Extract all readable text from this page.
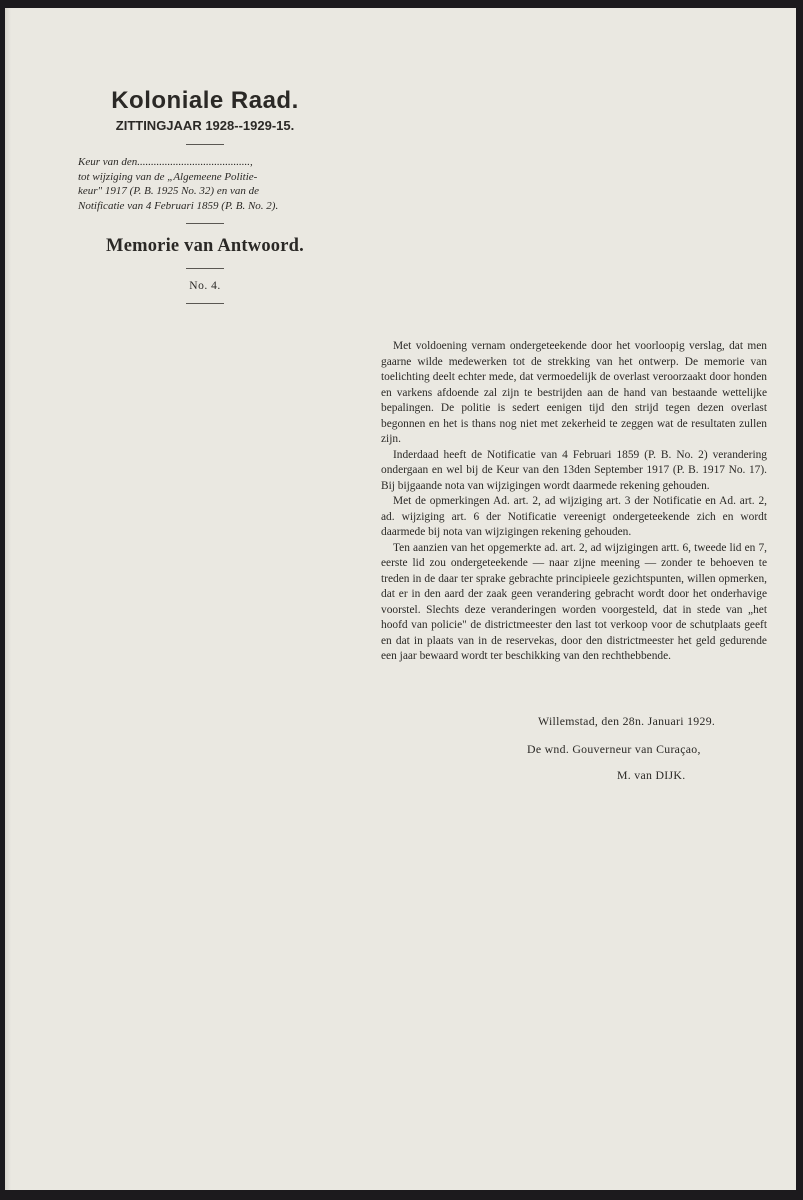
Koloniale Raad.

ZITTINGJAAR 1928--1929-15.

Keur van den.........................................,
tot wijziging van de „Algemeene Politie-
keur" 1917 (P. B. 1925 No. 32) en van de
Notificatie van 4 Februari 1859 (P. B. No. 2).

Memorie van Antwoord.

No. 4.

Met voldoening vernam ondergeteekende door het voorloopig verslag, dat men gaarne wilde medewerken tot de strekking van het ontwerp. De memorie van toelichting deelt echter mede, dat vermoedelijk de overlast veroorzaakt door honden en varkens afdoende zal zijn te bestrijden aan de hand van bestaande wettelijke bepalingen. De politie is sedert eenigen tijd den strijd tegen dezen overlast begonnen en het is thans nog niet met zekerheid te zeggen wat de resultaten zullen zijn.

Inderdaad heeft de Notificatie van 4 Februari 1859 (P. B. No. 2) verandering ondergaan en wel bij de Keur van den 13den September 1917 (P. B. 1917 No. 17). Bij bijgaande nota van wijzigingen wordt daarmede rekening gehouden.

Met de opmerkingen Ad. art. 2, ad wijziging art. 3 der Notificatie en Ad. art. 2, ad. wijziging art. 6 der Notificatie vereenigt ondergeteekende zich en wordt daarmede bij nota van wijzigingen rekening gehouden.

Ten aanzien van het opgemerkte ad. art. 2, ad wijzigingen artt. 6, tweede lid en 7, eerste lid zou ondergeteekende — naar zijne meening — zonder te behoeven te treden in de daar ter sprake gebrachte principieele gezichtspunten, willen opmerken, dat er in den aard der zaak geen verandering gebracht wordt door het onderhavige voorstel. Slechts deze veranderingen worden voorgesteld, dat in stede van „het hoofd van policie" de districtmeester den last tot verkoop voor de schutplaats geeft en dat in plaats van in de reservekas, door den districtmeester het geld gedurende een jaar bewaard wordt ter beschikking van den rechthebbende.

Willemstad, den 28n. Januari 1929.
De wnd. Gouverneur van Curaçao,
M. van DIJK.
